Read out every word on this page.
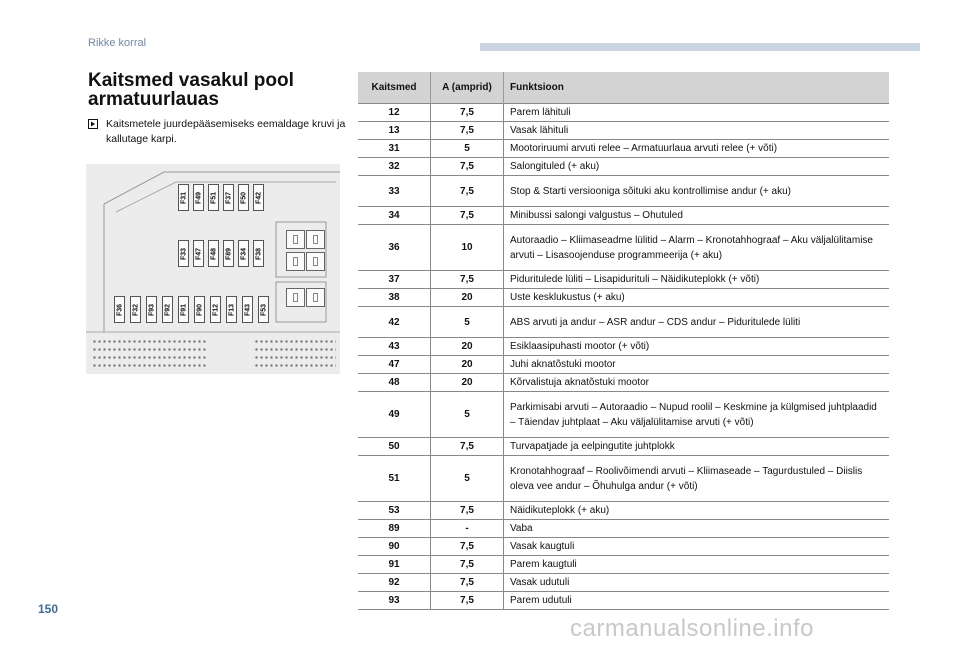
Rikke korral
Kaitsmed vasakul pool armatuurlauas
Kaitsmetele juurdepääsemiseks eemaldage kruvi ja kallutage karpi.
F31 F49 F51 F37 F50 F42
F33 F47 F48 F89 F34 F38
F36 F32 F93 F92 F91 F90 F12 F13 F43 F53
Kaitsmed	A (amprid)	Funktsioon
12	7,5	Parem lähituli
13	7,5	Vasak lähituli
31	5	Mootoriruumi arvuti relee – Armatuurlaua arvuti relee (+ võti)
32	7,5	Salongituled (+ aku)
33	7,5	Stop & Starti versiooniga sõituki aku kontrollimise andur (+ aku)
34	7,5	Minibussi salongi valgustus – Ohutuled
36	10	Autoraadio – Kliimaseadme lülitid – Alarm – Kronotahhograaf – Aku väljalülitamise arvuti – Lisasoojenduse programmeerija (+ aku)
37	7,5	Piduritulede lüliti – Lisapidurituli – Näidikuteplokk (+ võti)
38	20	Uste kesklukustus (+ aku)
42	5	ABS arvuti ja andur – ASR andur – CDS andur – Piduritulede lüliti
43	20	Esiklaasipuhasti mootor (+ võti)
47	20	Juhi aknatõstuki mootor
48	20	Kõrvalistuja aknatõstuki mootor
49	5	Parkimisabi arvuti – Autoraadio – Nupud roolil – Keskmine ja külgmised juhtplaadid – Täiendav juhtplaat – Aku väljalülitamise arvuti (+ võti)
50	7,5	Turvapatjade ja eelpingutite juhtplokk
51	5	Kronotahhograaf – Roolivõimendi arvuti – Kliimaseade – Tagurdustuled – Diislis oleva vee andur – Õhuhulga andur (+ võti)
53	7,5	Näidikuteplokk (+ aku)
89	-	Vaba
90	7,5	Vasak kaugtuli
91	7,5	Parem kaugtuli
92	7,5	Vasak udutuli
93	7,5	Parem udutuli
150
carmanualsonline.info
